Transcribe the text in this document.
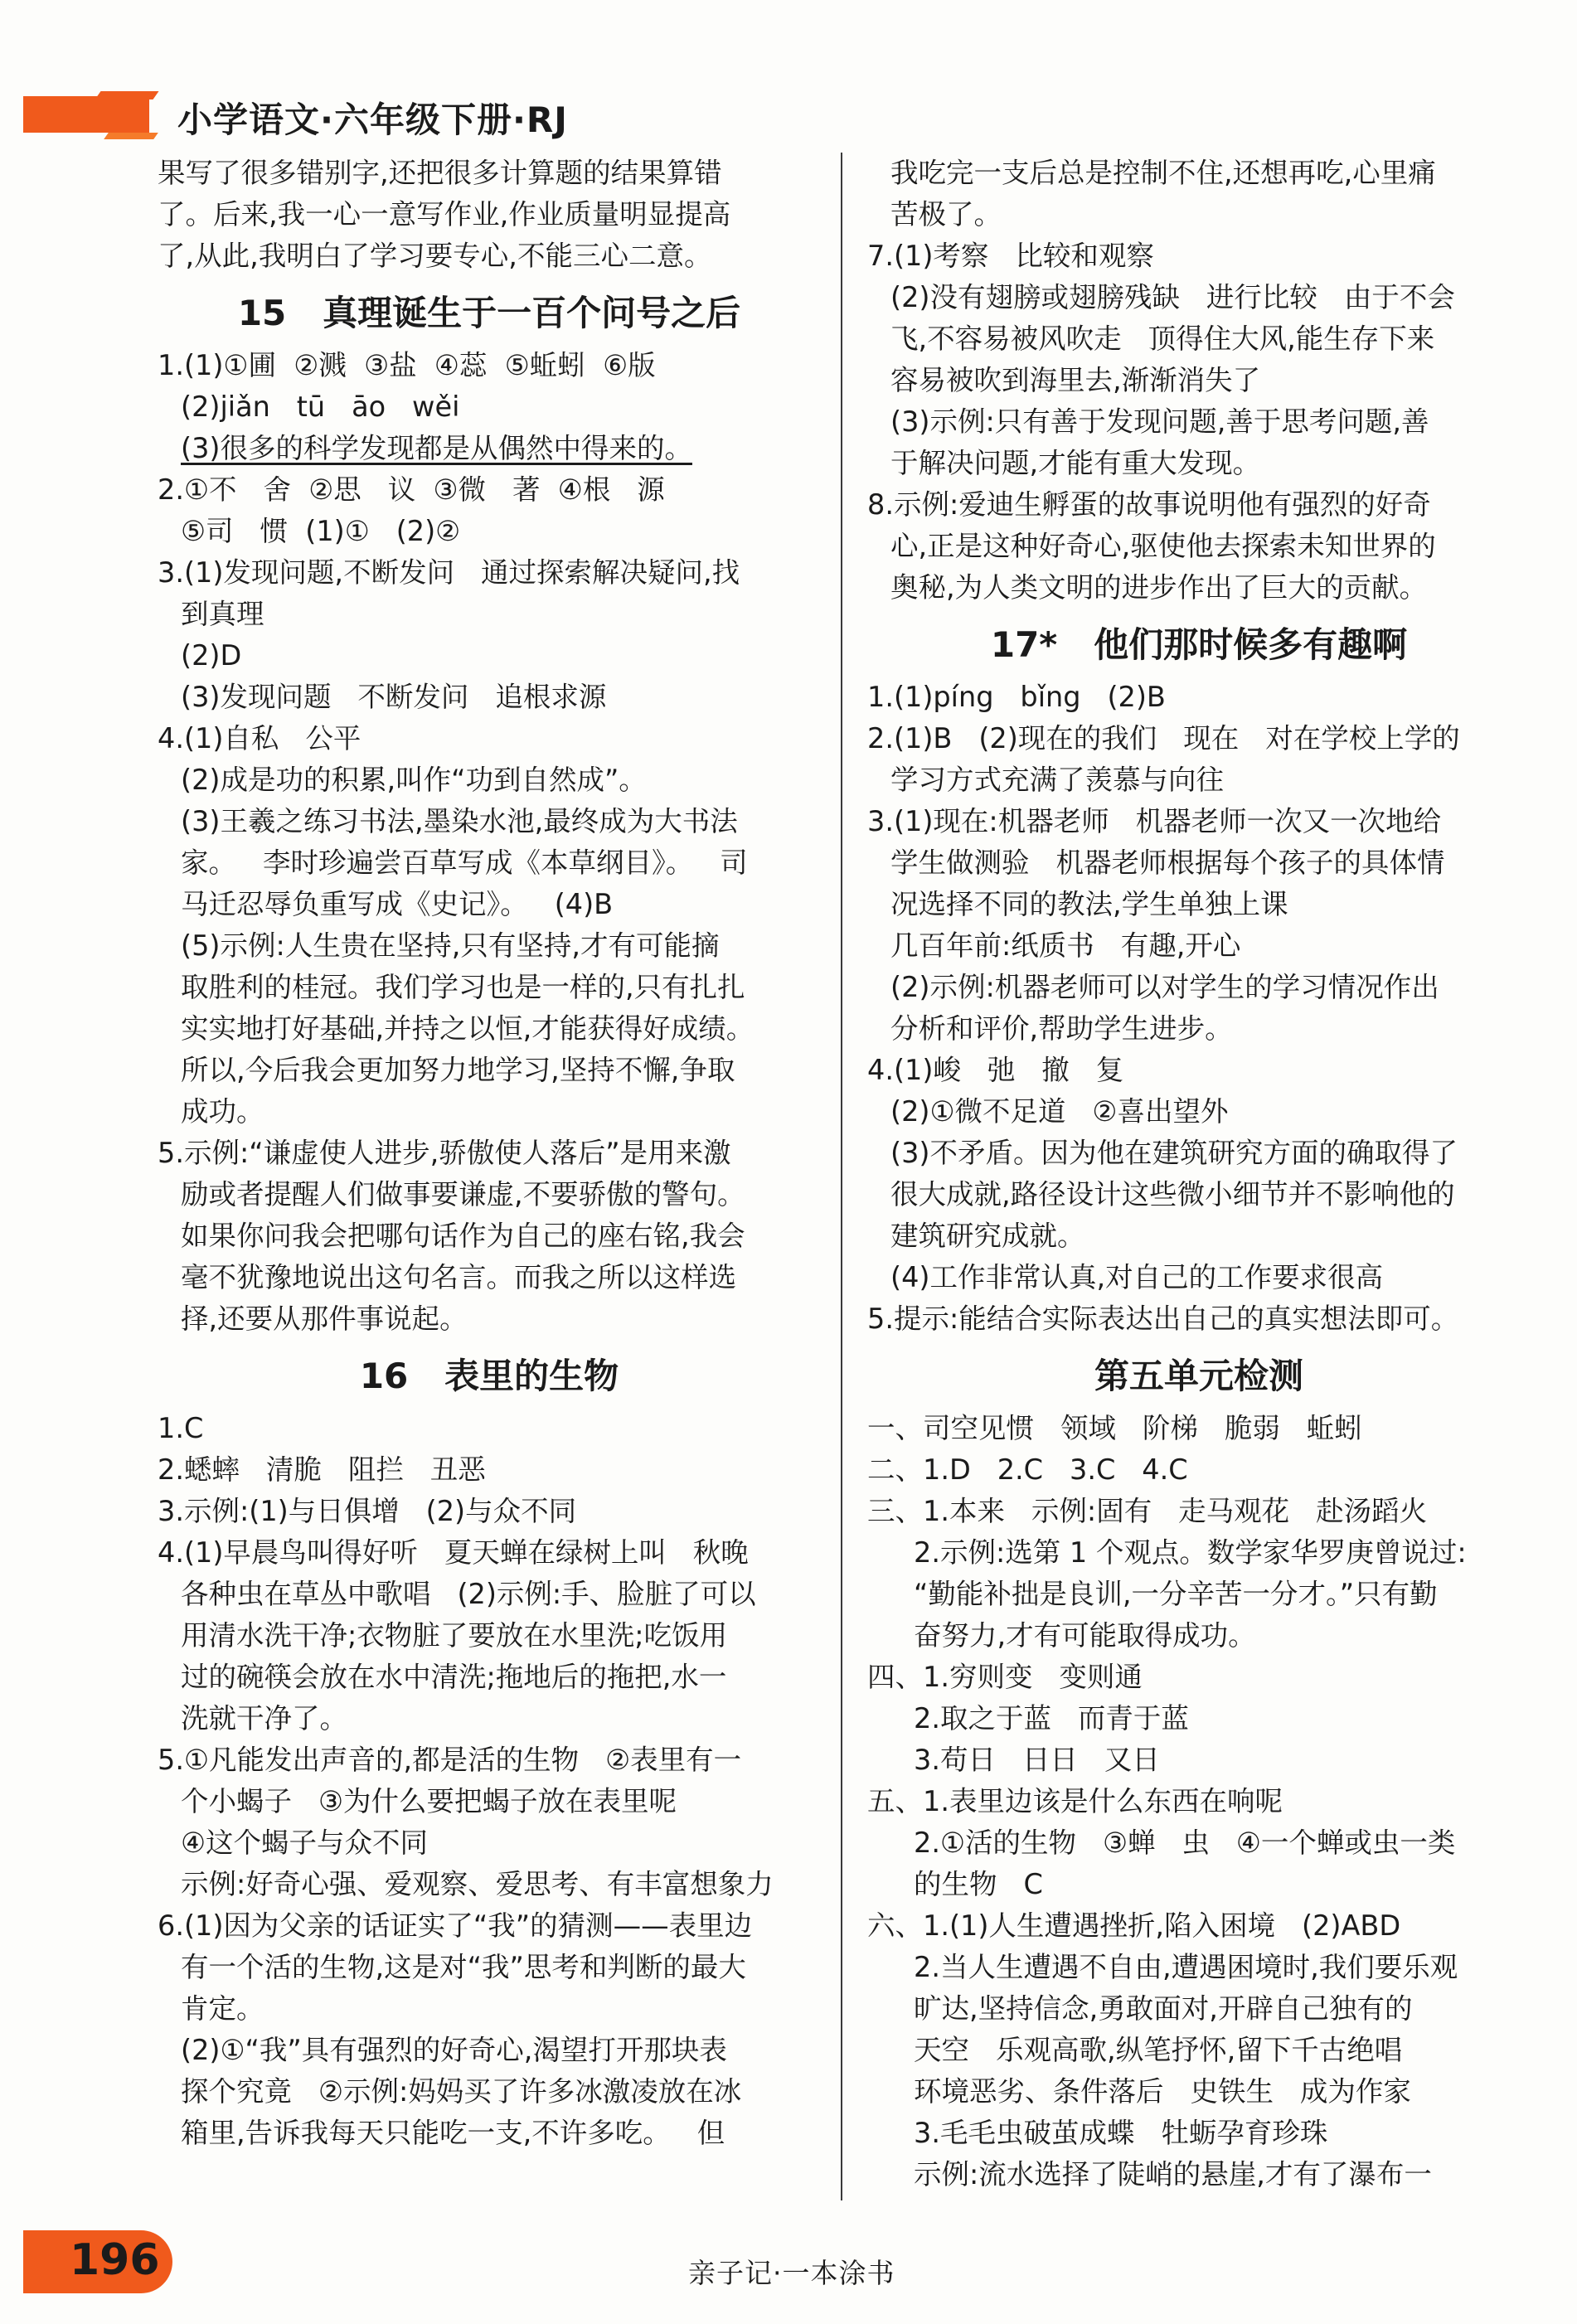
小学语文·六年级下册·RJ
果写了很多错别字,还把很多计算题的结果算错
了。后来,我一心一意写作业,作业质量明显提高
了,从此,我明白了学习要专心,不能三心二意。
15   真理诞生于一百个问号之后
1.(1)①圃  ②溅  ③盐  ④蕊  ⑤蚯蚓  ⑥版
(2)jiǎn   tū   āo   wěi
(3)很多的科学发现都是从偶然中得来的。
2.①不   舍  ②思   议  ③微   著  ④根   源
⑤司   惯  (1)①   (2)②
3.(1)发现问题,不断发问   通过探索解决疑问,找
到真理
(2)D
(3)发现问题   不断发问   追根求源
4.(1)自私   公平
(2)成是功的积累,叫作“功到自然成”。
(3)王羲之练习书法,墨染水池,最终成为大书法
家。   李时珍遍尝百草写成《本草纲目》。   司
马迁忍辱负重写成《史记》。   (4)B
(5)示例:人生贵在坚持,只有坚持,才有可能摘
取胜利的桂冠。我们学习也是一样的,只有扎扎
实实地打好基础,并持之以恒,才能获得好成绩。
所以,今后我会更加努力地学习,坚持不懈,争取
成功。
5.示例:“谦虚使人进步,骄傲使人落后”是用来激
励或者提醒人们做事要谦虚,不要骄傲的警句。
如果你问我会把哪句话作为自己的座右铭,我会
毫不犹豫地说出这句名言。而我之所以这样选
择,还要从那件事说起。
16   表里的生物
1.C
2.蟋蟀   清脆   阻拦   丑恶
3.示例:(1)与日俱增   (2)与众不同
4.(1)早晨鸟叫得好听   夏天蝉在绿树上叫   秋晚
各种虫在草丛中歌唱   (2)示例:手、脸脏了可以
用清水洗干净;衣物脏了要放在水里洗;吃饭用
过的碗筷会放在水中清洗;拖地后的拖把,水一
洗就干净了。
5.①凡能发出声音的,都是活的生物   ②表里有一
个小蝎子   ③为什么要把蝎子放在表里呢
④这个蝎子与众不同
示例:好奇心强、爱观察、爱思考、有丰富想象力
6.(1)因为父亲的话证实了“我”的猜测——表里边
有一个活的生物,这是对“我”思考和判断的最大
肯定。
(2)①“我”具有强烈的好奇心,渴望打开那块表
探个究竟   ②示例:妈妈买了许多冰激凌放在冰
箱里,告诉我每天只能吃一支,不许多吃。   但
我吃完一支后总是控制不住,还想再吃,心里痛
苦极了。
7.(1)考察   比较和观察
(2)没有翅膀或翅膀残缺   进行比较   由于不会
飞,不容易被风吹走   顶得住大风,能生存下来
容易被吹到海里去,渐渐消失了
(3)示例:只有善于发现问题,善于思考问题,善
于解决问题,才能有重大发现。
8.示例:爱迪生孵蛋的故事说明他有强烈的好奇
心,正是这种好奇心,驱使他去探索未知世界的
奥秘,为人类文明的进步作出了巨大的贡献。
17*   他们那时候多有趣啊
1.(1)píng   bǐng   (2)B
2.(1)B   (2)现在的我们   现在   对在学校上学的
学习方式充满了羡慕与向往
3.(1)现在:机器老师   机器老师一次又一次地给
学生做测验   机器老师根据每个孩子的具体情
况选择不同的教法,学生单独上课
几百年前:纸质书   有趣,开心
(2)示例:机器老师可以对学生的学习情况作出
分析和评价,帮助学生进步。
4.(1)峻   弛   撤   复
(2)①微不足道   ②喜出望外
(3)不矛盾。因为他在建筑研究方面的确取得了
很大成就,路径设计这些微小细节并不影响他的
建筑研究成就。
(4)工作非常认真,对自己的工作要求很高
5.提示:能结合实际表达出自己的真实想法即可。
第五单元检测
一、司空见惯   领域   阶梯   脆弱   蚯蚓
二、1.D   2.C   3.C   4.C
三、1.本来   示例:固有   走马观花   赴汤蹈火
2.示例:选第 1 个观点。数学家华罗庚曾说过:
“勤能补拙是良训,一分辛苦一分才。”只有勤
奋努力,才有可能取得成功。
四、1.穷则变   变则通
2.取之于蓝   而青于蓝
3.苟日   日日   又日
五、1.表里边该是什么东西在响呢
2.①活的生物   ③蝉   虫   ④一个蝉或虫一类
的生物   C
六、1.(1)人生遭遇挫折,陷入困境   (2)ABD
2.当人生遭遇不自由,遭遇困境时,我们要乐观
旷达,坚持信念,勇敢面对,开辟自己独有的
天空   乐观高歌,纵笔抒怀,留下千古绝唱
环境恶劣、条件落后   史铁生   成为作家
3.毛毛虫破茧成蝶   牡蛎孕育珍珠
示例:流水选择了陡峭的悬崖,才有了瀑布一
196	亲子记·一本涂书
